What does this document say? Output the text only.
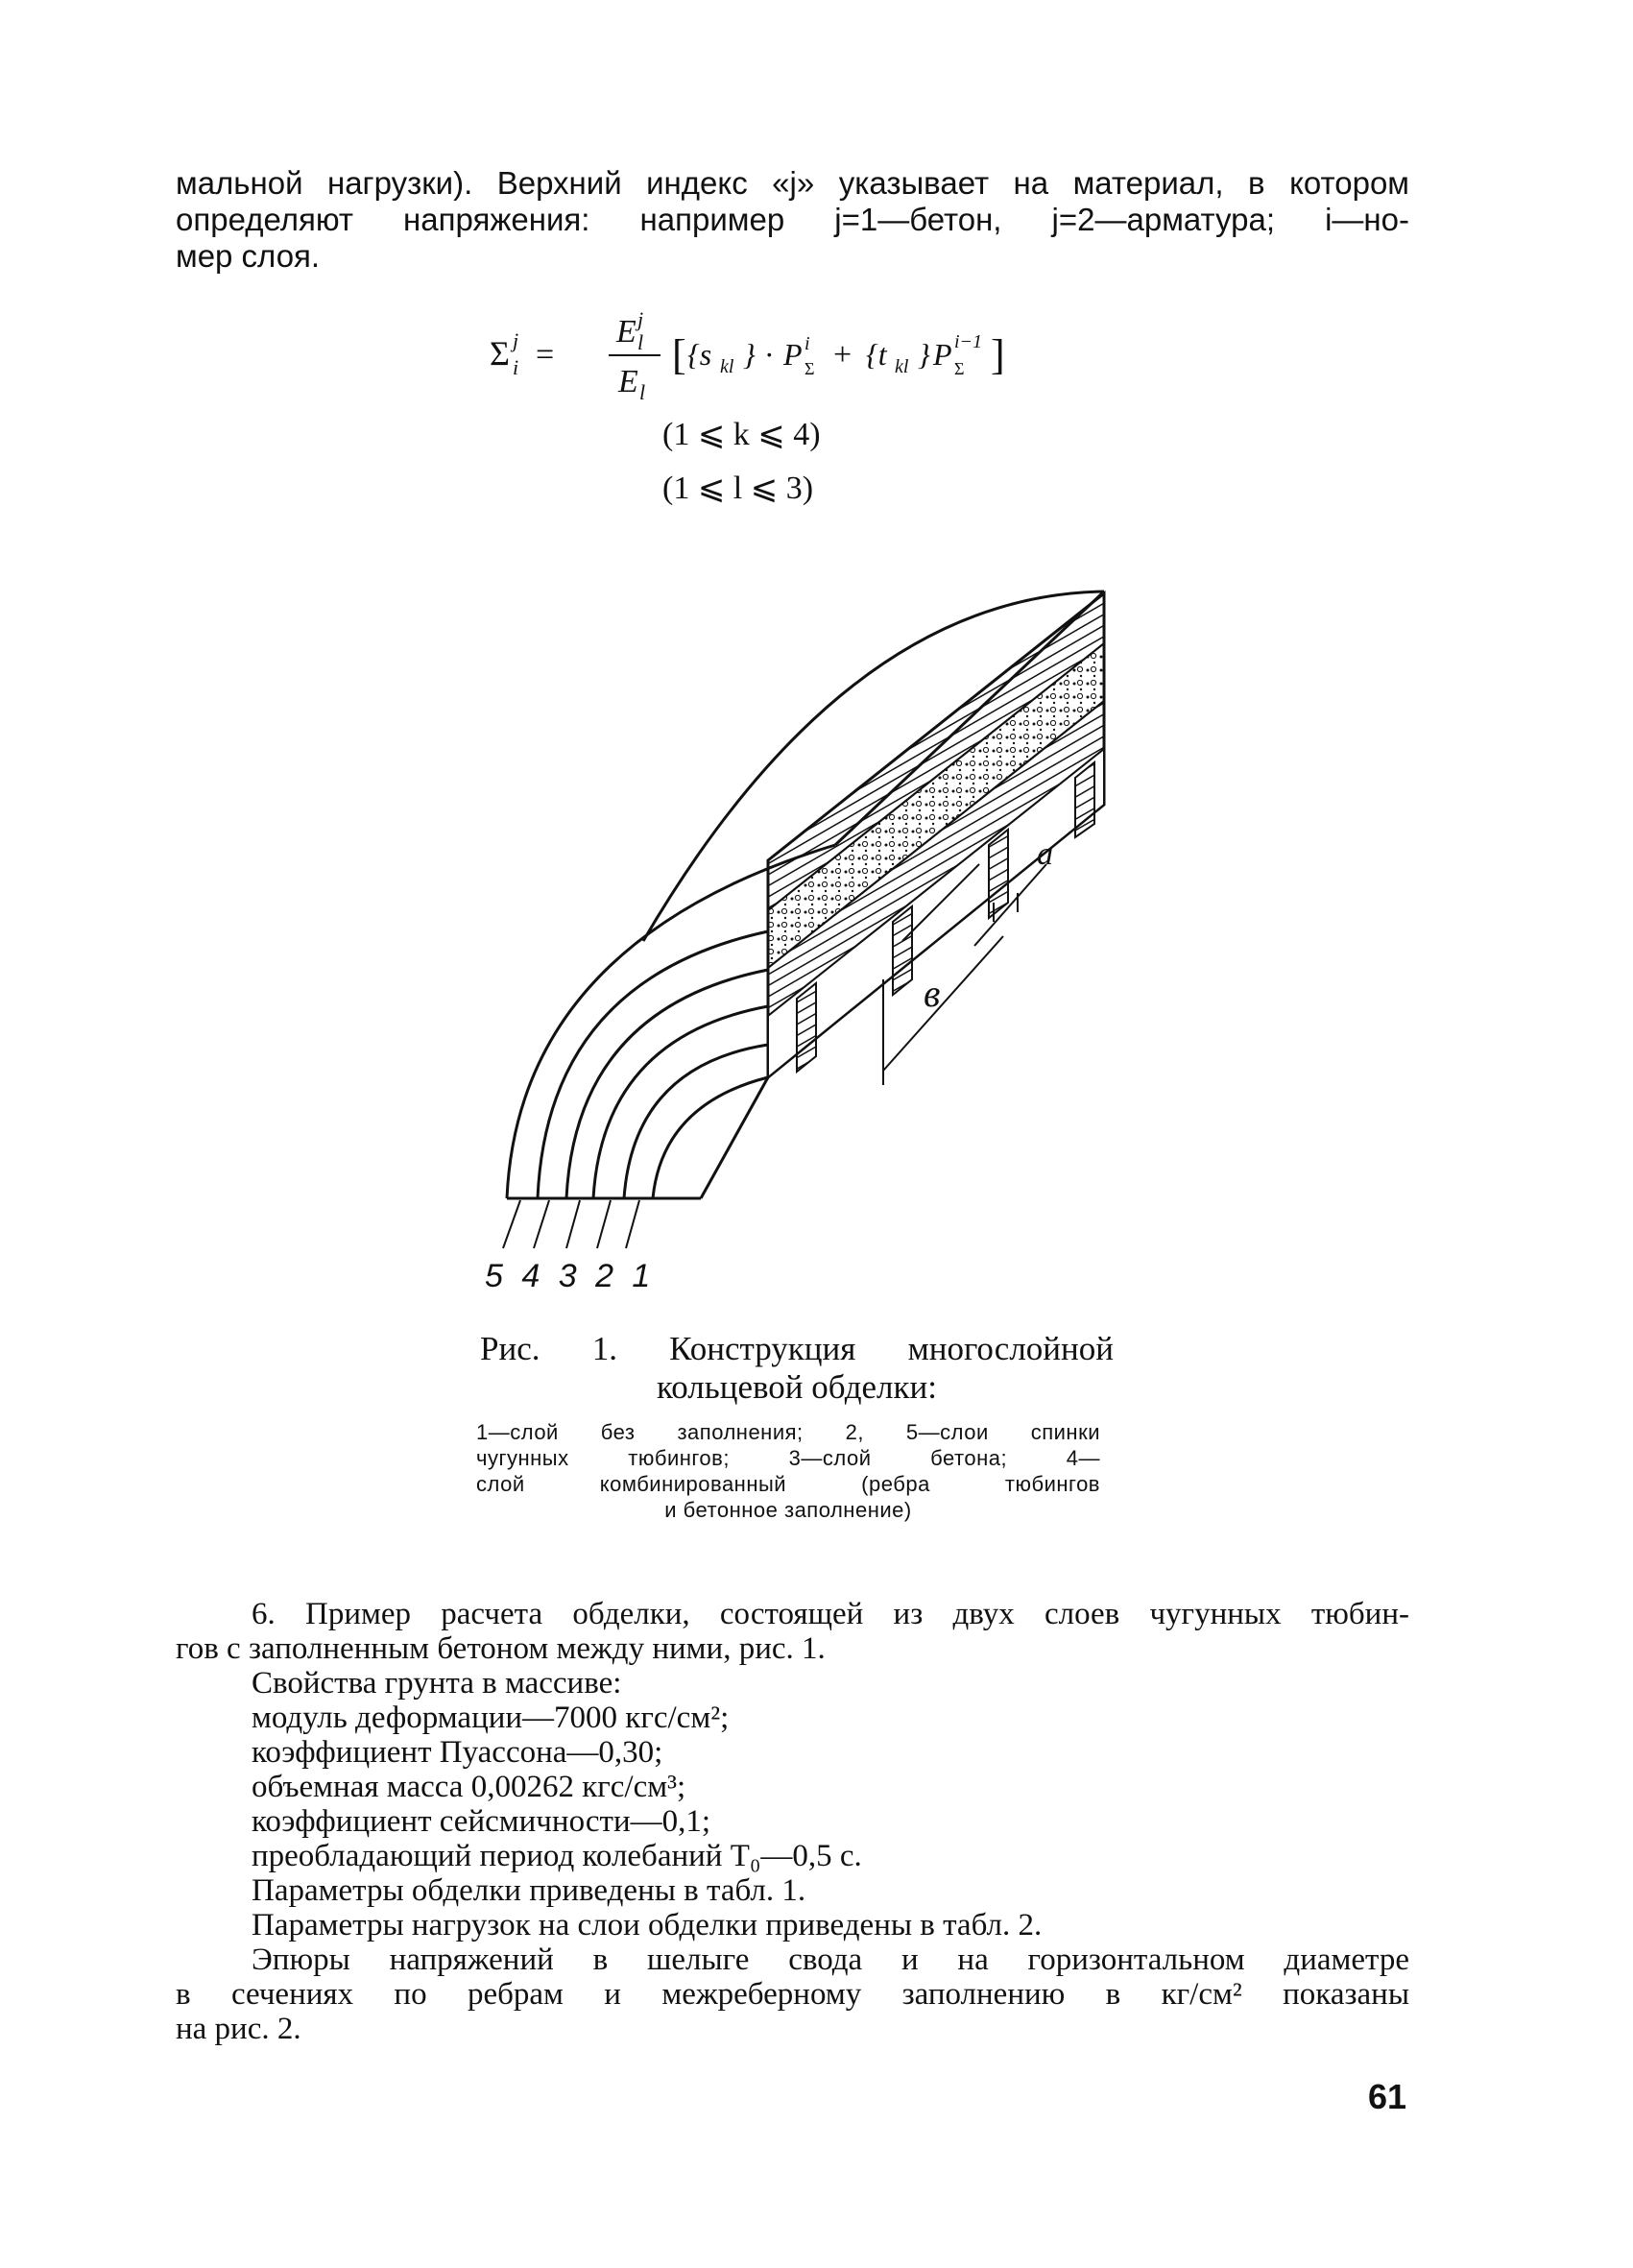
мальной нагрузки). Верхний индекс «j» указывает на материал, в котором

определяют напряжения: например j=1—бетон, j=2—арматура; i—но-

мер слоя.

Σ j
i =
E j
l
E l
[ {s kl } · P i
Σ + {t kl } P i−1
Σ ]
(1 ⩽ k ⩽ 4)
(1 ⩽ l ⩽ 3)
a
в
5 4 3 2 1
Рис. 1. Конструкция многослойной
кольцевой обделки:

1—слой без заполнения; 2, 5—слои спинки

чугунных тюбингов; 3—слой бетона; 4—

слой комбинированный (ребра тюбингов

и бетонное заполнение)

6. Пример расчета обделки, состоящей из двух слоев чугунных тюбин-

гов с заполненным бетоном между ними, рис. 1.

Свойства грунта в массиве:

модуль деформации—7000 кгс/см²;

коэффициент Пуассона—0,30;

объемная масса 0,00262 кгс/см³;

коэффициент сейсмичности—0,1;

преобладающий период колебаний T₀—0,5 с.

Параметры обделки приведены в табл. 1.

Параметры нагрузок на слои обделки приведены в табл. 2.

Эпюры напряжений в шелыге свода и на горизонтальном диаметре

в сечениях по ребрам и межреберному заполнению в кг/см² показаны

на рис. 2.

61
